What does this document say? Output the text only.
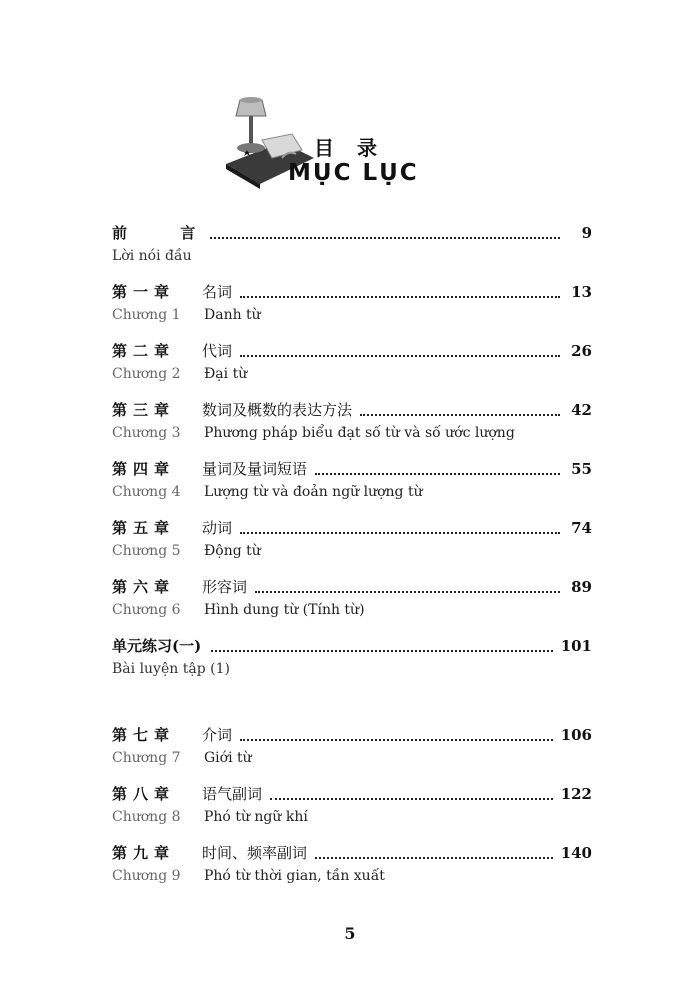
目 录
MỤC LỤC
前 言	9
Lời nói đầu
第一章	名词	13
Chương 1	Danh từ
第二章	代词	26
Chương 2	Đại từ
第三章	数词及概数的表达方法	42
Chương 3	Phương pháp biểu đạt số từ và số ước lượng
第四章	量词及量词短语	55
Chương 4	Lượng từ và đoản ngữ lượng từ
第五章	动词	74
Chương 5	Động từ
第六章	形容词	89
Chương 6	Hình dung từ (Tính từ)
单元练习(一)	101
Bài luyện tập (1)
第七章	介词	106
Chương 7	Giới từ
第八章	语气副词	122
Chương 8	Phó từ ngữ khí
第九章	时间、频率副词	140
Chương 9	Phó từ thời gian, tần xuất
5
